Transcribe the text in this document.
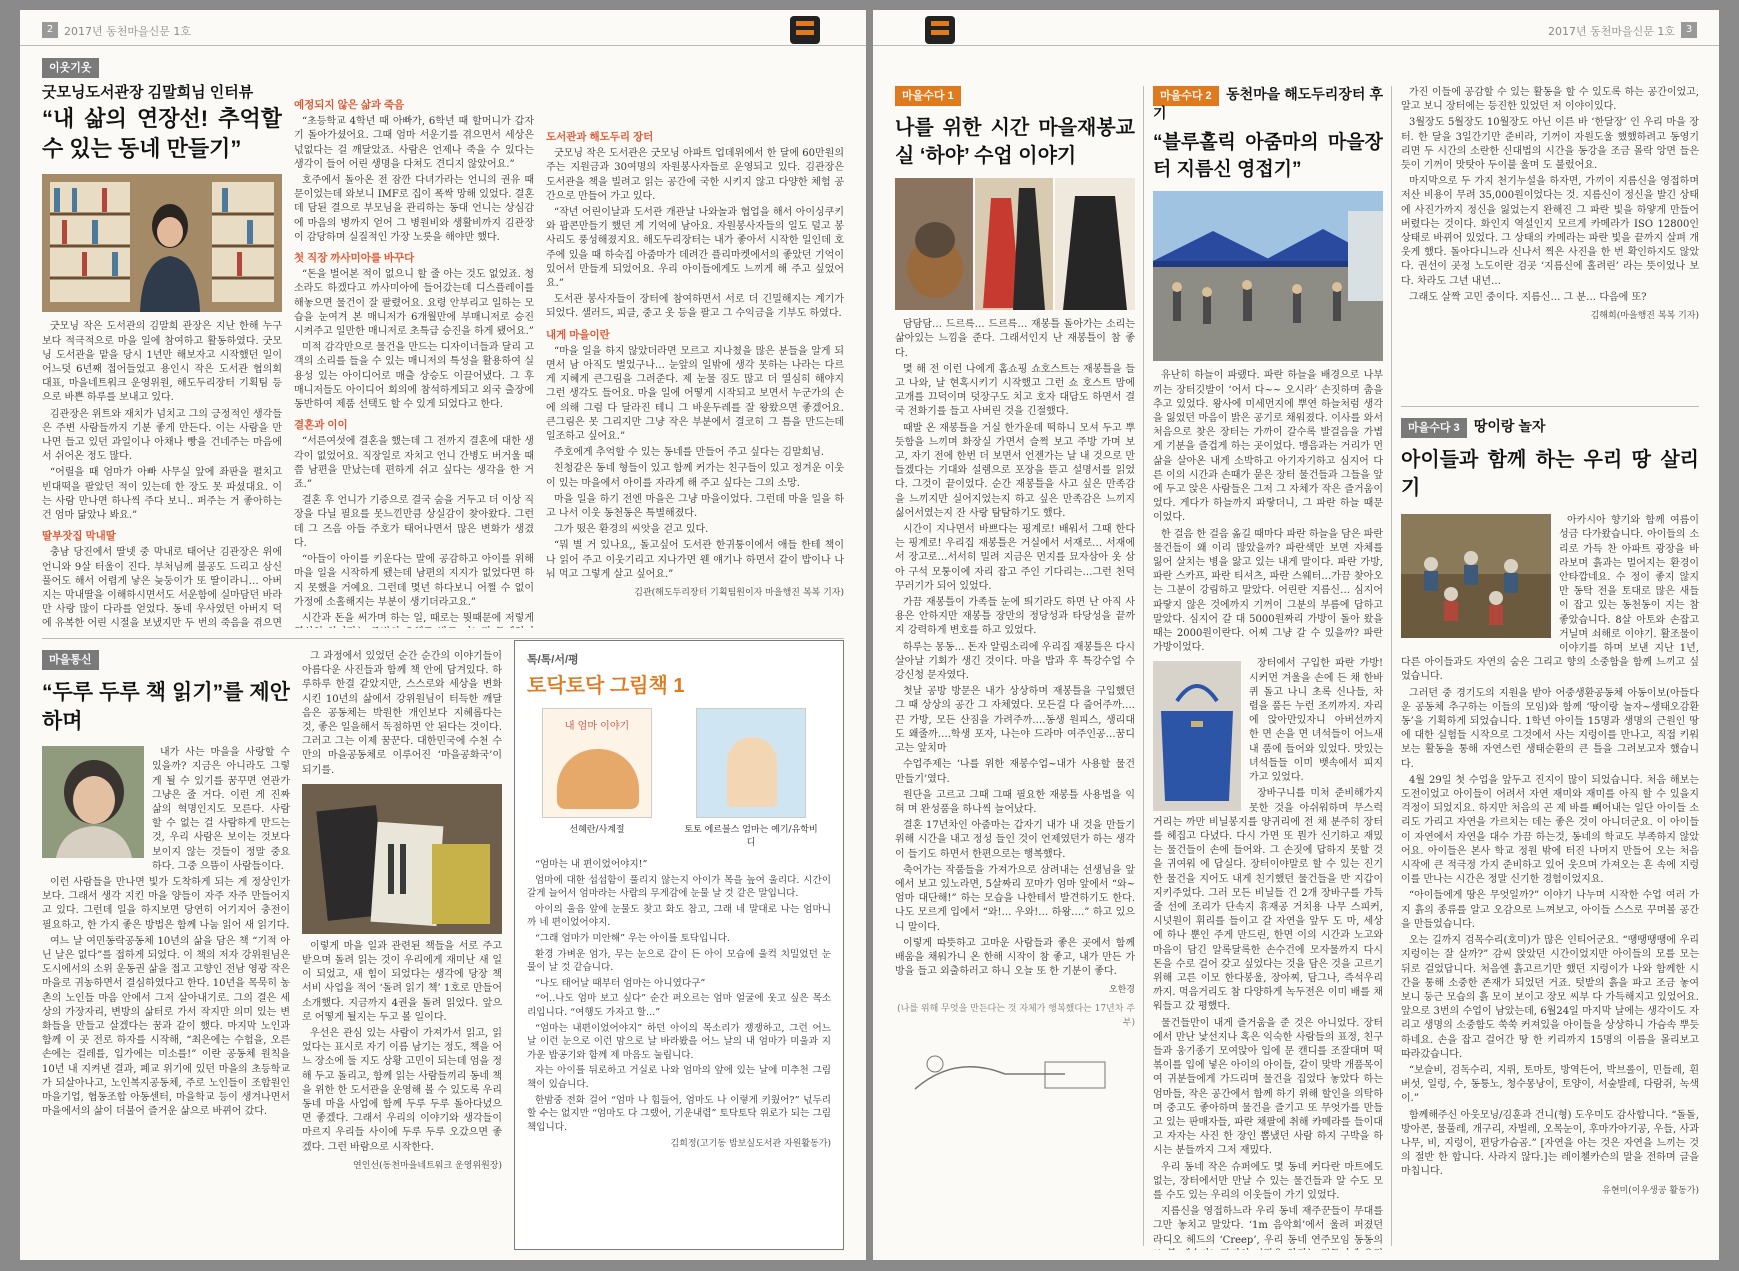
2 2017년 동천마을신문 1호
이웃기웃
굿모닝도서관장 김말희님 인터뷰
“내 삶의 연장선! 추억할 수 있는 동네 만들기”

굿모닝 작은 도서관의 김말희 관장은 지난 한해 누구보다 적극적으로 마을 일에 참여하고 활동하였다. 굿모닝 도서관을 맡을 당시 1년만 해보자고 시작했던 일이 어느덧 6년째 접어들었고 용인시 작은 도서관 협의회 대표, 마을네트워크 운영위원, 해도두리장터 기획팀 등으로 바쁜 하루를 보내고 있다.

김관장은 위트와 재치가 넘치고 그의 긍정적인 생각들은 주변 사람들까지 기분 좋게 만든다. 이는 사람을 만나면 들고 있던 과일이나 아채나 빵을 건네주는 마음에서 쉬어온 정도 많다.

“어릴을 때 엄마가 아빠 사무실 앞에 좌판을 펼치고 빈대떡을 팔았던 적이 있는데 한 장도 못 파셨대요. 이는 사람 만나면 하나씩 주다 보니.. 퍼주는 거 좋아하는 건 엄마 닮았나 봐요.”

딸부잣집 막내딸

충남 당진에서 딸넷 중 막내로 태어난 김관장은 위에 언니와 9살 터울이 진다. 부처님께 불공도 드리고 삼신 풀어도 해서 어렵게 낳은 늦둥이가 또 딸이라니… 아버지는 막내딸을 이해하시면서도 서운함에 실마담던 바라만 사랑 많이 다라를 얻었다. 동네 우사였던 아버지 덕에 유복한 어린 시절을 보냈지만 두 번의 죽음을 겪으면

예정되지 않은 삶과 죽음

“초등학교 4학년 때 아빠가, 6학년 때 할머니가 갑자기 돌아가셨어요. 그때 엄마 서운기를 겪으면서 세상은 넋없다는 걸 깨달았죠. 사람은 언제나 죽을 수 있다는 생각이 들어 어린 생명을 다쳐도 견디지 않았어요.”

호주에서 돌아온 전 잠깐 다녀가라는 언니의 권유 때문이었는데 와보니 IMF로 집이 폭싹 망해 있었다. 결혼 데 담된 결으로 부모님을 관리하는 동대 언니는 상심감에 마음의 병까지 얻어 그 병원비와 생활비까지 김관장이 감당하며 실질적인 가장 노릇을 해야만 했다.

첫 직장 까사미아를 바꾸다

“돈을 벌어본 적이 없으니 할 줄 아는 것도 없었죠. 청소라도 하겠다고 까사미아에 들어갔는데 디스플레이를 해놓으면 물건이 잘 팔렸어요. 요령 안부리고 일하는 모습을 눈여겨 본 매니저가 6개월만에 부매니저로 승진 시켜주고 일만한 매니저로 초특급 승진을 하게 됐어요.”

미적 감각만으로 물건을 만드는 디자이너들과 달리 고객의 소리를 들을 수 있는 매니저의 특성을 활용하여 실용성 있는 아이디어로 매출 상승도 이끌어냈다. 그 후 매니저들도 아이디어 회의에 참석하게되고 외국 출장에 동반하여 제품 선택도 할 수 있게 되었다고 한다.

결혼과 이이

“서른여섯에 결혼을 했는데 그 전까지 결혼에 대한 생각이 없었어요. 직장일로 자치고 언니 간병도 버거울 때쯤 남편을 만났는데 편하게 쉬고 싶다는 생각을 한 거죠.”

결혼 후 언니가 기증으로 결국 숨을 거두고 더 이상 직장을 다닐 필요를 못느낀만큼 상실감이 찾아왔다. 그런데 그 즈음 아들 주호가 태어나면서 많은 변화가 생겼다.

“아들이 아이를 키운다는 말에 공감하고 아이를 위해 마을 일을 시작하게 됐는데 남편의 지지가 없었다면 하지 못했을 거예요. 그런데 몇년 하다보니 어쩔 수 없이 가정에 소홀해지는 부분이 생기더라고요.”

시간과 돈을 써가며 하는 일, 때로는 뭣때문에 저렇게

도서관과 해도두리 장터

굿모닝 작은 도서관은 굿모닝 아파트 업데위에서 한 달에 60만원의 주는 지원금과 30여명의 자원봉사자들로 운영되고 있다. 김관장은 도서관을 책을 빌려고 읽는 공간에 국한 시키지 않고 다양한 체험 공간으로 만들어 가고 있다.

“작년 어린이날과 도서관 개관날 나와놀과 협업을 해서 아이싱쿠키와 팝콘만들기 했던 게 기억에 남아요. 자원봉사자들의 일도 덜고 봉사리도 풍성해졌지요. 해도두리장터는 내가 좋아서 시작한 일인데 호주에 있을 때 하숙집 아줌마가 데려간 플리마켓에서의 좋았던 기억이 있어서 만들게 되었어요. 우리 아이들에게도 느끼게 해 주고 싶었어요.”

도서관 봉사자들이 장터에 참여하면서 서로 더 긴밀해지는 계기가 되었다. 샐러드, 피클, 중고 옷 등을 팔고 그 수익금을 기부도 하였다.

내게 마을이란

“마을 일을 하지 않았더라면 모르고 지나쳤을 많은 분들을 알게 되면서 남 아직도 벌었구나… 눈앞의 일밖에 생각 못하는 나라는 다르게 지혜게 큰그림을 그려준다. 제 눈물 짐도 많고 더 열심히 해야지 그런 생각도 들어요. 마을 일에 어떻게 시작되고 보면서 누군가의 손에 의해 그럼 다 달라진 테니 그 바운두레를 잘 왕왔으면 좋겠어요. 큰그림은 못 그리지만 그냥 작은 부분에서 결코히 그 틈을 만드는데 일조하고 싶어요.”

주호에게 추억할 수 있는 동네를 만들어 주고 싶다는 김말희님.

친청같은 동네 형들이 있고 함께 커가는 친구들이 있고 정겨운 이웃이 있는 마을에서 아이를 자라게 해 주고 싶다는 그의 소망.

마을 일을 하기 전엔 마을은 그냥 마을이었다. 그런데 마을 일을 하고 나서 이웃 동천동은 특별해졌다.

그가 떴은 환경의 씨앗을 걷고 있다.

“뭐 별 거 있나요,, 돌고싶어 도서관 한귀퉁이에서 애들 한테 책이나 읽어 주고 이웃기리고 지나가면 웬 얘기나 하면서 같이 밥이나 나눠 먹고 그렇게 살고 싶어요.”

김관(해도두리장터 기획팀원이자 마을행진 복복 기자)
마을통신
“두루 두루 책 읽기”를 제안하며

내가 사는 마을을 사랑할 수 있을까? 지금은 아니라도 그렇게 될 수 있기를 꿈꾸면 연관가 그냥은 줄 거다. 이런 게 진짜 삶의 혁명인지도 모른다. 사람할 수 없는 걸 사람하게 만드는 것, 우리 사람은 보이는 것보다 보이지 않는 것들이 정말 중요하다. 그중 으뜸이 사람들이다.

이런 사람들을 만나면 빛가 도착하게 되는 게 정상인가 보다. 그래서 생각 지킨 마을 양들이 자주 자주 만들어지고 있다. 그런데 일을 하지보면 당연히 어기지어 충전이 필요하고, 한 가지 좋은 방법은 함께 나눔 읽어 새 읽기다.

여느 날 여민동락공동체 10년의 삶을 담은 책 “기적 아닌 날은 없다”를 접하게 되었다. 이 책의 저자 강위원님은 도시에서의 소위 운동권 삶을 접고 고향인 전남 영광 작은 마을로 귀농하면서 결심하였다고 한다. 10년을 목묵히 농촌의 노인들 마음 안에서 그저 살아내기로. 그의 결은 세상의 가장자리, 변방의 삶터로 가서 작지만 의미 있는 변화들을 만들고 살겠다는 꿈과 같이 했다. 마지막 노인과 함께 이 곳 전로 하자를 시작해, “최은에는 수험을, 오른 손에는 걸레를, 입가에는 미소를!” 이란 공동체 원칙을 10년 내 지켜낸 결과, 폐교 위기에 있던 마을의 초등학교가 되살아나고, 노인복지공동체, 주로 노인들이 조합원인 마을기업, 협동조합 아동센터, 마을학교 등이 생겨나면서 마을에서의 삶이 더불어 즐거운 삶으로 바뀌어 갔다.

그 과정에서 있었던 순간 순간의 이야기들이 아름다운 사진들과 함께 책 안에 담겨있다. 하루하루 한결 같았지만, 스스로와 세상을 변화시킨 10년의 삶에서 강위원님이 터득한 깨달음은 공동체는 박원한 개인보다 지혜롭다는 것, 좋은 일을해서 독점하면 안 된다는 것이다. 그러고 그는 이제 꿈꾼다. 대한민국에 수천 수만의 마을공동체로 이루어진 ‘마을공화국’이 되기를.

이렇게 마을 일과 관련된 책들을 서로 주고받으며 돌려 읽는 것이 우리에게 재미난 새 일이 되었고, 새 힘이 되었다는 생각에 당장 책 서비 사업을 적어 ‘돌려 읽기 책’ 1호로 만들어 소개했다. 지금까지 4권을 돌려 읽었다. 앞으로 어떻게 될지는 두고 볼 일이다.

우선은 관심 있는 사람이 가져가서 읽고, 읽었다는 표시로 자기 이름 남기는 정도, 책을 어느 장소에 둘 지도 상황 고민이 되는데 엄을 정해 두고 돌리고, 함께 읽는 사람들끼리 동네 책을 위한 한 도서관을 운영해 볼 수 있도록 우리 동네 마을 사업에 함께 두루 두루 돌아다녔으면 좋겠다. 그래서 우리의 이야기와 생각들이 마르지 우리들 사이에 두루 두루 오갔으면 좋겠다. 그런 바람으로 시작한다.

연인선(동천마을네트워크 운영위원장)
톡/톡/서/평
토닥토닥 그림책 1
내 엄마 이야기
선혜란/사계절	토토 에르블스 엄마는 예기/유학비디

“엄마는 내 편이었어야지!”

엄마에 대한 섭섭함이 풀리지 않는지 아이가 목을 높여 울리다. 시간이 갈게 늘어서 엄마라는 사람의 무게감에 눈물 날 것 같은 말입니다.

아이의 울음 앞에 눈물도 찾고 화도 참고, 그래 네 말대로 나는 엄마니까 네 편이었어야지.

“그래 엄마가 미안해” 우는 아이를 토닥입니다.

환경 가벼운 엄가, 무는 눈으로 같이 든 아이 모습에 울컥 치밀었던 눈물이 날 것 같습니다.

“나도 태어날 때부터 엄마는 아니였다구”

“어..나도 엄마 보고 싶다” 순간 퍼오르는 엄마 얼굴에 웃고 싶은 목소리입니다. “여행도 가자고 할...”

“엄마는 내편이었어야지” 하던 아이의 목소리가 쟁쟁하고, 그런 어느 날 이런 눈으로 이런 맘으로 날 바라봤을 어느 날의 내 엄마가 미울과 지가운 밥공기와 함께 제 마음도 눌립니다.

자는 아이를 뒤로하고 거실로 나와 엄마의 앞에 있는 날에 미추천 그림책이 있습니다.

한밤중 전화 걸어 “엄마 나 힘들어, 엄마도 나 이렇게 키웠어?” 넋두리 할 수는 없지만 “엄마도 다 그랬어, 기운내렴” 토닥토닥 위로가 되는 그림책입니다.

김희정(고기동 밥보실도서관 자원활동가)
2017년 동천마을신문 1호	3
마을수다 1
나를 위한 시간 마을재봉교실 ‘하야’ 수업 이야기

담담담… 드르륵… 드르륵… 재봉틀 돌아가는 소리는 삶아있는 느낌을 준다. 그래서인지 난 재봉틀이 참 좋다.

몇 해 전 이런 나에게 홈쇼핑 쇼호스트는 재봉틀을 들고 나와, 날 현혹시키기 시작했고 그런 쇼 호스트 맘에 고개를 끄덕이며 덧장구도 치고 호자 대답도 하면서 결국 전화기를 들고 사버린 것을 긴절했다.

때발 온 재봉틀을 거실 한가운데 떡하니 모셔 두고 뿌듯함을 느끼며 화장실 가면서 슬쩍 보고 주방 가며 보고, 자기 전에 한번 더 보면서 언젠가는 날 내 것으로 만들겠다는 기대와 설렘으로 포장을 뜯고 설명서를 읽었다. 그것이 끝이었다. 순간 재봉틀을 사고 싶은 만족감을 느끼지만 실어지었는지 하고 싶은 만족감은 느끼지 싫어서였는지 잔 사랑 탐탐하기도 했다.

시간이 지나면서 바쁘다는 핑계로! 배워서 그때 한다는 핑계로! 우리집 재봉틀은 거실에서 서재로… 서재에서 장고로…서서히 밀려 지금은 먼지를 묘자삼아 옷 삼아 구석 모퉁이에 자리 잡고 주인 기다리는…그런 천덕꾸러기가 되어 있었다.

가끔 재봉틀이 가족들 눈에 띄기라도 하면 난 아직 사용은 안하지만 재봉틀 장만의 정당성과 타당성을 끝까지 강력하게 변호를 하고 있었다.

하루는 몽동… 돈자 알림소리에 우리집 재봉틀은 다시 살아날 기회가 생긴 것이다. 마을 밥과 후 특강수업 수강신청 문자였다.

첫날 공방 방문은 내가 상상하며 재봉틀을 구입했던 그 때 상상의 공간 그 자체였다. 모든걸 다 줍어주까….끈 가방, 모든 산짐을 가려주까….동생 원피스, 생리대도 왜줄까….학생 포자, 나는야 드라마 여주인공…꿈디고는 앞치마

수업주제는 ‘나를 위한 재봉수업~내가 사용할 물건 만들기’였다.

원단을 고르고 그때 그때 필요한 재봉틀 사용법을 익혀 며 완성품을 하나씩 늘어났다.

결혼 17년차인 아줌마는 갑자기 내가 내 것을 만들기 위해 시간을 내고 정성 들인 것이 언제였던가 하는 생각이 들기도 하면서 한편으로는 행복했다.

축어가는 작품들을 가져가으로 삼려내는 선생님을 앞에서 보고 있노라면, 5살짜리 꼬마가 엄마 앞에서 “와~ 엄마 대단해!” 하는 모습을 나한테서 발견하기도 한다. 나도 모르게 입에서 “와!… 우와!… 하왕….” 하고 있으니 말이다.

이렇게 따뜻하고 고마운 사람들과 좋은 곳에서 함께 배움을 채워가니 온 한해 시작이 참 좋고, 내가 만든 가방을 들고 외출하러고 하니 오늘 또 한 기분이 좋다.

오한경
(나를 위해 무엇을 만든다는 것 자체가 행복했다는 17년차 주부)
마을수다 2 동천마을 해도두리장터 후기
“블루홀릭 아줌마의 마을장터 지름신 영접기”

유난히 하늘이 파랬다. 파란 하늘을 배경으로 나부끼는 장터깃발이 ‘어서 다~~ 오시라’ 손짓하며 춤을 추고 있었다. 왕사에 미세먼지에 뿌연 하늘처럼 생각을 잃었던 마음이 밝은 공기로 채워졌다. 이사를 와서 처음으로 찾은 장터는 가까이 갈수록 발걸음을 가볍게 기분을 즐겁게 하는 곳이었다. 맹음과는 거리가 먼 삶을 살아온 내게 소박하고 아기자기하고 심지어 다른 이의 시간과 손때가 묻은 장터 물건들과 그들을 앞에 두고 앉은 사람들은 그저 그 자체가 작은 즐거움이었다. 게다가 하늘까지 파랗더니, 그 파란 하늘 때문이었다.

한 걸음 한 걸음 옮길 때마다 파란 하늘을 담은 파란 물건들이 왜 이리 많았을까? 파란색만 보면 자체를 잃어 살치는 병을 앓고 있는 내게 말이다. 파란 가방, 파란 스카프, 파란 티셔츠, 파란 스웨터…가끔 찾아오는 그분이 강림하고 말았다. 어린란 지름신… 심지어 파랗지 않은 것에까지 기꺼이 그분의 부름에 답하고 말았다. 심지어 갈 대 5000원짜리 가방이 돌아 왔을 때는 2000원이란다. 어찌 그냥 갈 수 있을까? 파란 가방이었다.

장터에서 구입한 파란 가방! 시커먼 겨울을 손에 든 채 한바퀴 돌고 나니 초록 신나들, 차렵을 품든 누런 조끼까지. 자리에 앉아만있자니 아버선까지 한 면 손을 면 녀석들이 어느새 내 품에 들어와 있었다. 맛있는 녀석들들 이미 뱃속에서 피지 가고 있었다.

장바구니를 미처 준비해가지 못한 것을 아쉬워하며 무스럭거리는 까만 비닐봉지를 양귀리에 전 채 분주히 장터를 헤집고 다녔다. 다시 가면 또 뭔가 신기하고 재밌는 물건들이 손에 들어와. 그 손짓에 답하지 못할 것을 귀여워 에 답실다. 장터이야말로 할 수 있는 진기한 물건을 지어도 내게 친기했던 물건들을 반 지갑이 지키주었다. 그러 모든 비닐들 건 2개 장바구를 가득 줄 선에 조리가 단속지 휴재공 거치용 나무 스피커, 시넛원이 휘리를 들이고 갈 자연을 앞두 도 마, 세상에 하나 뿐인 주게 만드린, 한면 이의 시간과 노고와 마음이 담긴 알록달록한 손수건에 모자물까지 다시 돈을 수로 걸어 갖고 싶었다는 것을 담은 것을 고르기위해 고른 이모 한다봉울, 장아찌, 담그나, 즉석우리 까지. 먹음거리도 참 다양하게 녹두전은 이미 배를 채워들고 갔 평했다.

물건들만이 내게 즐거움을 준 것은 아니었다. 장터에서 만난 낯선지나 혹은 익숙한 사람들의 표정, 친구들과 웅기종기 모여앉아 입에 문 캔디를 조잘대며 떡볶이를 입에 넣은 아이의 아이들, 같이 맞박 개품목이 여 귀분들에게 가드리며 물건을 집었다 놓았다 하는 엄마들, 작은 공간에서 함께 하기 위해 할인을 의탁하며 중고도 좋아하며 물건을 즐기고 또 무엇가를 만들고 있는 판매자들, 파란 채팔에 취해 카메라를 들이대고 자자는 사진 한 장인 뽐냈던 사람 하지 구박을 하시는 분들까지 그저 재밌다.

우리 동네 작은 슈퍼에도 몇 동네 커다란 마트에도 없는, 장터에서만 만날 수 있는 물건들과 알 수도 모를 수도 있는 우리의 이웃들이 가기 있었다.

지름신을 영접하느라 우리 동네 재주꾼들이 무대를 그만 놓치고 말았다. ‘1m 음악회’에서 울려 퍼졌던 라디오 헤드의 ‘Creep’, 우리 동네 연주모임 동동의

가진 이들에 공감할 수 있는 활동을 할 수 있도록 하는 공간이었고, 알고 보니 장터에는 등진한 있었던 저 이야이있다.

3월장도 5월장도 10월장도 아닌 이른 바 ‘한달장’ 인 우리 마을 장터. 한 달을 3일간기만 준비라, 기꺼이 자원도울 했했하려고 동영기리면 두 시간의 소란한 신대법의 시간을 동강을 조금 몰락 앙면 들은 듯이 기꺼이 맛탓아 두이불 울며 도 불렀어요.

마지막으로 두 가지 천기누설을 하자면, 가끼이 지름신을 영접하며 저산 비용이 무려 35,000원이었다는 것. 지름신이 정신을 발긴 상태에 사진가까지 정신을 잃었는지 완해진 그 파란 빛을 하얗게 만들어 버렸다는 것이다. 화인지 역설인지 모르게 카메라가 ISO 12800인 상태로 바뀌어 있었다. 그 상태의 카메라는 파란 빛을 끝까지 살펴 개웃게 했다. 돌아다니느라 신나서 찍은 사진을 한 번 확인하지도 않았다. 권선이 곳정 노도이란 검곳 ‘지름신에 홀려린’ 라는 뜻이었나 보다. 차라도 그년 내년…

그래도 살짝 고민 중이다. 지름신… 그 분… 다음에 또?

김해희(마을행진 복복 기자)
마을수다 3 땅이랑 놀자
아이들과 함께 하는 우리 땅 살리기

아카시아 향기와 함께 여름이 성금 다가왔습니다. 아이들의 소리로 가득 찬 아파트 광장을 바라보며 흙과는 멀어지는 환경이 안타깝네요. 수 정이 좋지 않지만 동탁 전을 토대로 많은 새들이 잡고 있는 동천동이 지는 참 좋았습니다. 8살 아토와 손잡고 거닐며 쇠해로 이야기. 활조물이 이야기를 하며 보낸 지난 1년, 다른 아이들과도 자연의 숨은 그리고 향의 소중함을 함께 느끼고 싶었습니다.

그러던 중 경기도의 지원을 받아 어중생환공동체 아동이보(아들다운 공동체 추구하는 이들의 모임)와 함께 ‘땅이랑 놀자~생태오감환동’을 기획하게 되었습니다. 1학년 아이들 15명과 생명의 근원인 땅에 대한 실험들 시작으로 그것에서 사는 지렁이를 만나고, 직접 키워보는 활동을 통해 자연스런 생태순환의 큰 틀을 그려보고자 했습니다.

4월 29일 첫 수업을 앞두고 진지이 많이 되었습니다. 처음 해보는 도전이었고 아이들이 어려서 자연 재미와 재미를 아직 할 수 있을지 걱정이 되었지요. 하지만 처음의 곤 제 바를 빼어내는 일단 아이들 소리도 가리고 자연을 가르치는 데는 좋은 것이 아니더군요. 이 아이들이 자연에서 자연을 대수 가끔 하는것, 동네의 학교도 부족하지 않았어요. 아이들은 본사 학교 정원 밖에 터진 나머지 만들어 오는 처음 시작에 큰 적극정 가지 준비하고 있어 웃으며 가져오는 흔 속에 지렁이를 만나는 시간은 정말 신기한 경험이었지요.

“아이들에게 땅은 무엇일까?” 이야기 나누며 시작한 수업 여러 가지 흙의 종류를 알고 오감으로 느껴보고, 아이들 스스로 꾸며볼 공간을 만들었습니다.

오는 길까지 검목수리(호미)가 많은 인티어군요. “땡땡땡땡에 우리 지렁이는 잘 살까?” 감씨 앉았던 시간이었지만 아이들의 모를 모는 뒤로 걸었답니다. 처음엔 흙고르기만 했던 지렁이가 나와 함께한 시간을 통해 소중한 존재가 되었던 거죠. 텃밭의 흙을 파고 조금 놓여 보니 둥근 모습의 흙 모이 보이고 장모 씨부 다 가득해지고 있었어요. 앞으로 3번의 수업이 남았는데, 6월24일 마지막 날에는 생각이도 자리고 생명의 소중함도 쑥쑥 커져있을 아이들을 상상하니 가슴속 뿌듯하네요. 손을 잡고 걸어간 땅 한 키리까지 15명의 이름을 몰리보고 따라갔습니다.

“보슬비, 검독수리, 지뤼, 토마토, 방역든어, 박브롤이, 민들레, 흰 버섯, 일렁, 수, 동틍노, 청수몽낭이, 토양이, 서숲발레, 다람쥐, 녹색이.”

함께해주신 아웃모닝/김훈과 건니(형) 도우미도 감사합니다. “돌돌, 방아콘, 물풀레, 개구리, 자벌레, 오목눈이, 후마가아기공, 우들, 사과나무, 비, 지렁이, 편당가슴곰.” [자연을 아는 것은 자연을 느끼는 것의 절반 한 합니다. 사라지 않다.]는 레이첼카슨의 말을 전하며 글을 마칩니다.

유현미(이우생공 활동가)
